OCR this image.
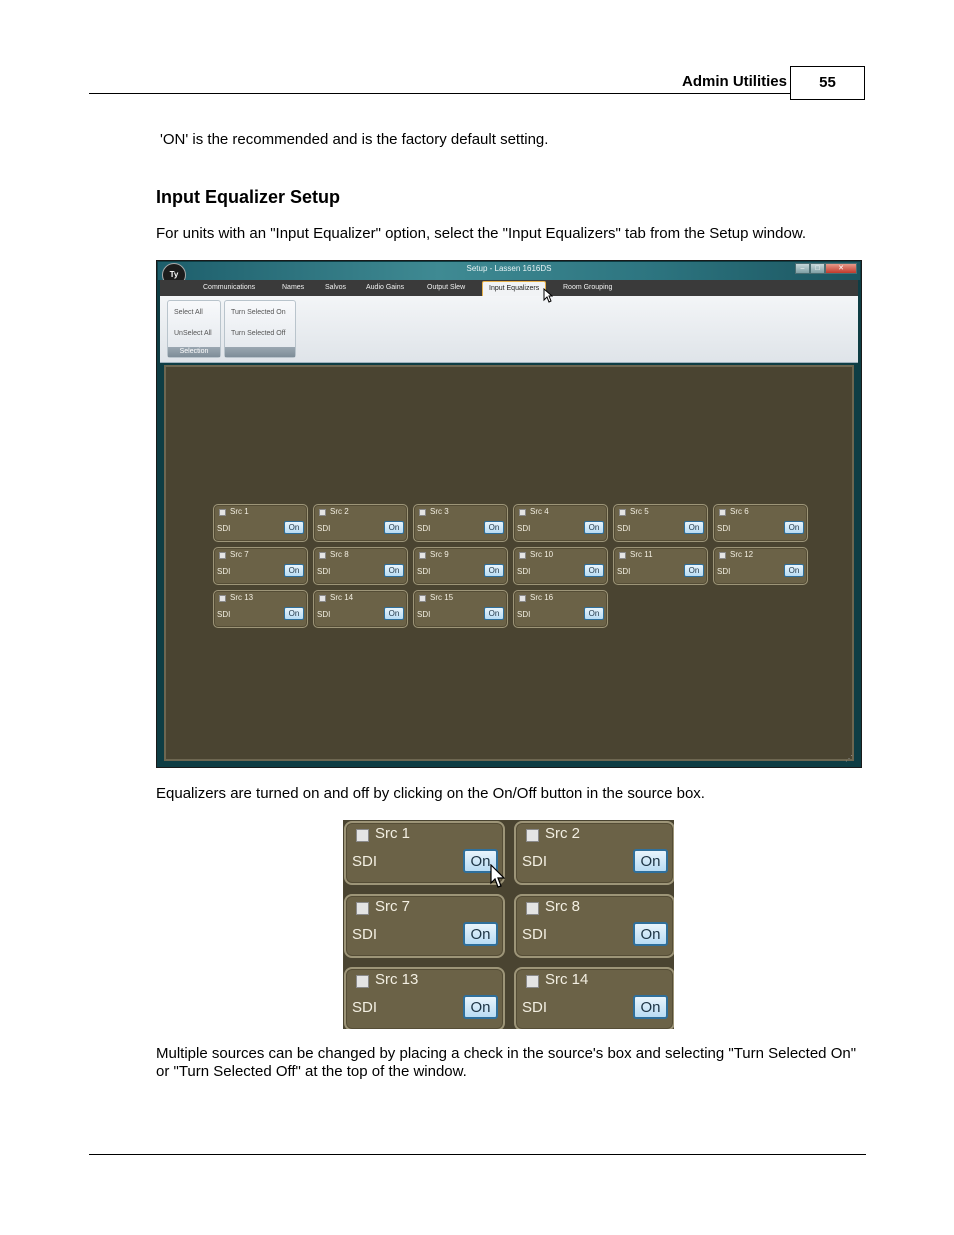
Admin Utilities	55
'ON' is the recommended and is the factory default setting.
Input Equalizer Setup
For units with an "Input Equalizer" option, select the "Input Equalizers" tab from the Setup window.
Setup - Lassen 1616DS
Ty
–	□	✕
Communications	Names	Salvos	Audio Gains	Output Slew	Input Equalizers	Room Grouping
Select All
UnSelect All
Selection
Turn Selected On
Turn Selected Off
Src 1
SDI	On
Src 2
SDI	On
Src 3
SDI	On
Src 4
SDI	On
Src 5
SDI	On
Src 6
SDI	On
Src 7
SDI	On
Src 8
SDI	On
Src 9
SDI	On
Src 10
SDI	On
Src 11
SDI	On
Src 12
SDI	On
Src 13
SDI	On
Src 14
SDI	On
Src 15
SDI	On
Src 16
SDI	On
⋰
Equalizers are turned on and off by clicking on the On/Off button in the source box.
Src 1
SDI	On
Src 2
SDI	On
Src 7
SDI	On
Src 8
SDI	On
Src 13
SDI	On
Src 14
SDI	On
Multiple sources can be changed by placing a check in the source's box and selecting "Turn Selected On" or "Turn Selected Off" at the top of the window.
